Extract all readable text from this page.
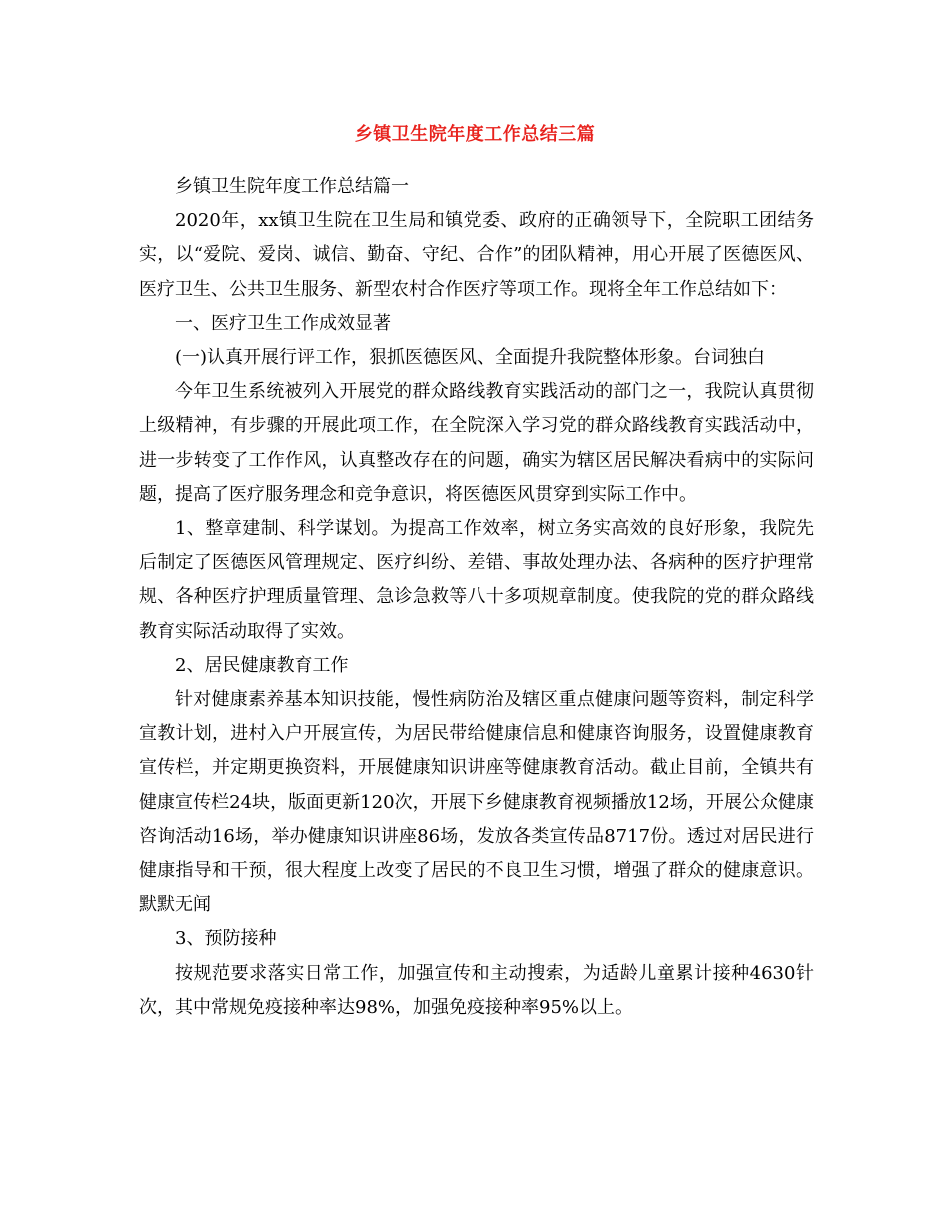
乡镇卫生院年度工作总结三篇

乡镇卫生院年度工作总结篇一

2020年，xx镇卫生院在卫生局和镇党委、政府的正确领导下，全院职工团结务实，以“爱院、爱岗、诚信、勤奋、守纪、合作”的团队精神，用心开展了医德医风、医疗卫生、公共卫生服务、新型农村合作医疗等项工作。现将全年工作总结如下：

一、医疗卫生工作成效显著

(一)认真开展行评工作，狠抓医德医风、全面提升我院整体形象。台词独白

今年卫生系统被列入开展党的群众路线教育实践活动的部门之一，我院认真贯彻上级精神，有步骤的开展此项工作，在全院深入学习党的群众路线教育实践活动中，进一步转变了工作作风，认真整改存在的问题，确实为辖区居民解决看病中的实际问题，提高了医疗服务理念和竞争意识，将医德医风贯穿到实际工作中。

1、整章建制、科学谋划。为提高工作效率，树立务实高效的良好形象，我院先后制定了医德医风管理规定、医疗纠纷、差错、事故处理办法、各病种的医疗护理常规、各种医疗护理质量管理、急诊急救等八十多项规章制度。使我院的党的群众路线教育实际活动取得了实效。

2、居民健康教育工作

针对健康素养基本知识技能，慢性病防治及辖区重点健康问题等资料，制定科学宣教计划，进村入户开展宣传，为居民带给健康信息和健康咨询服务，设置健康教育宣传栏，并定期更换资料，开展健康知识讲座等健康教育活动。截止目前，全镇共有健康宣传栏24块，版面更新120次，开展下乡健康教育视频播放12场，开展公众健康咨询活动16场，举办健康知识讲座86场，发放各类宣传品8717份。透过对居民进行健康指导和干预，很大程度上改变了居民的不良卫生习惯，增强了群众的健康意识。默默无闻

3、预防接种

按规范要求落实日常工作，加强宣传和主动搜索，为适龄儿童累计接种4630针次，其中常规免疫接种率达98%，加强免疫接种率95%以上。
